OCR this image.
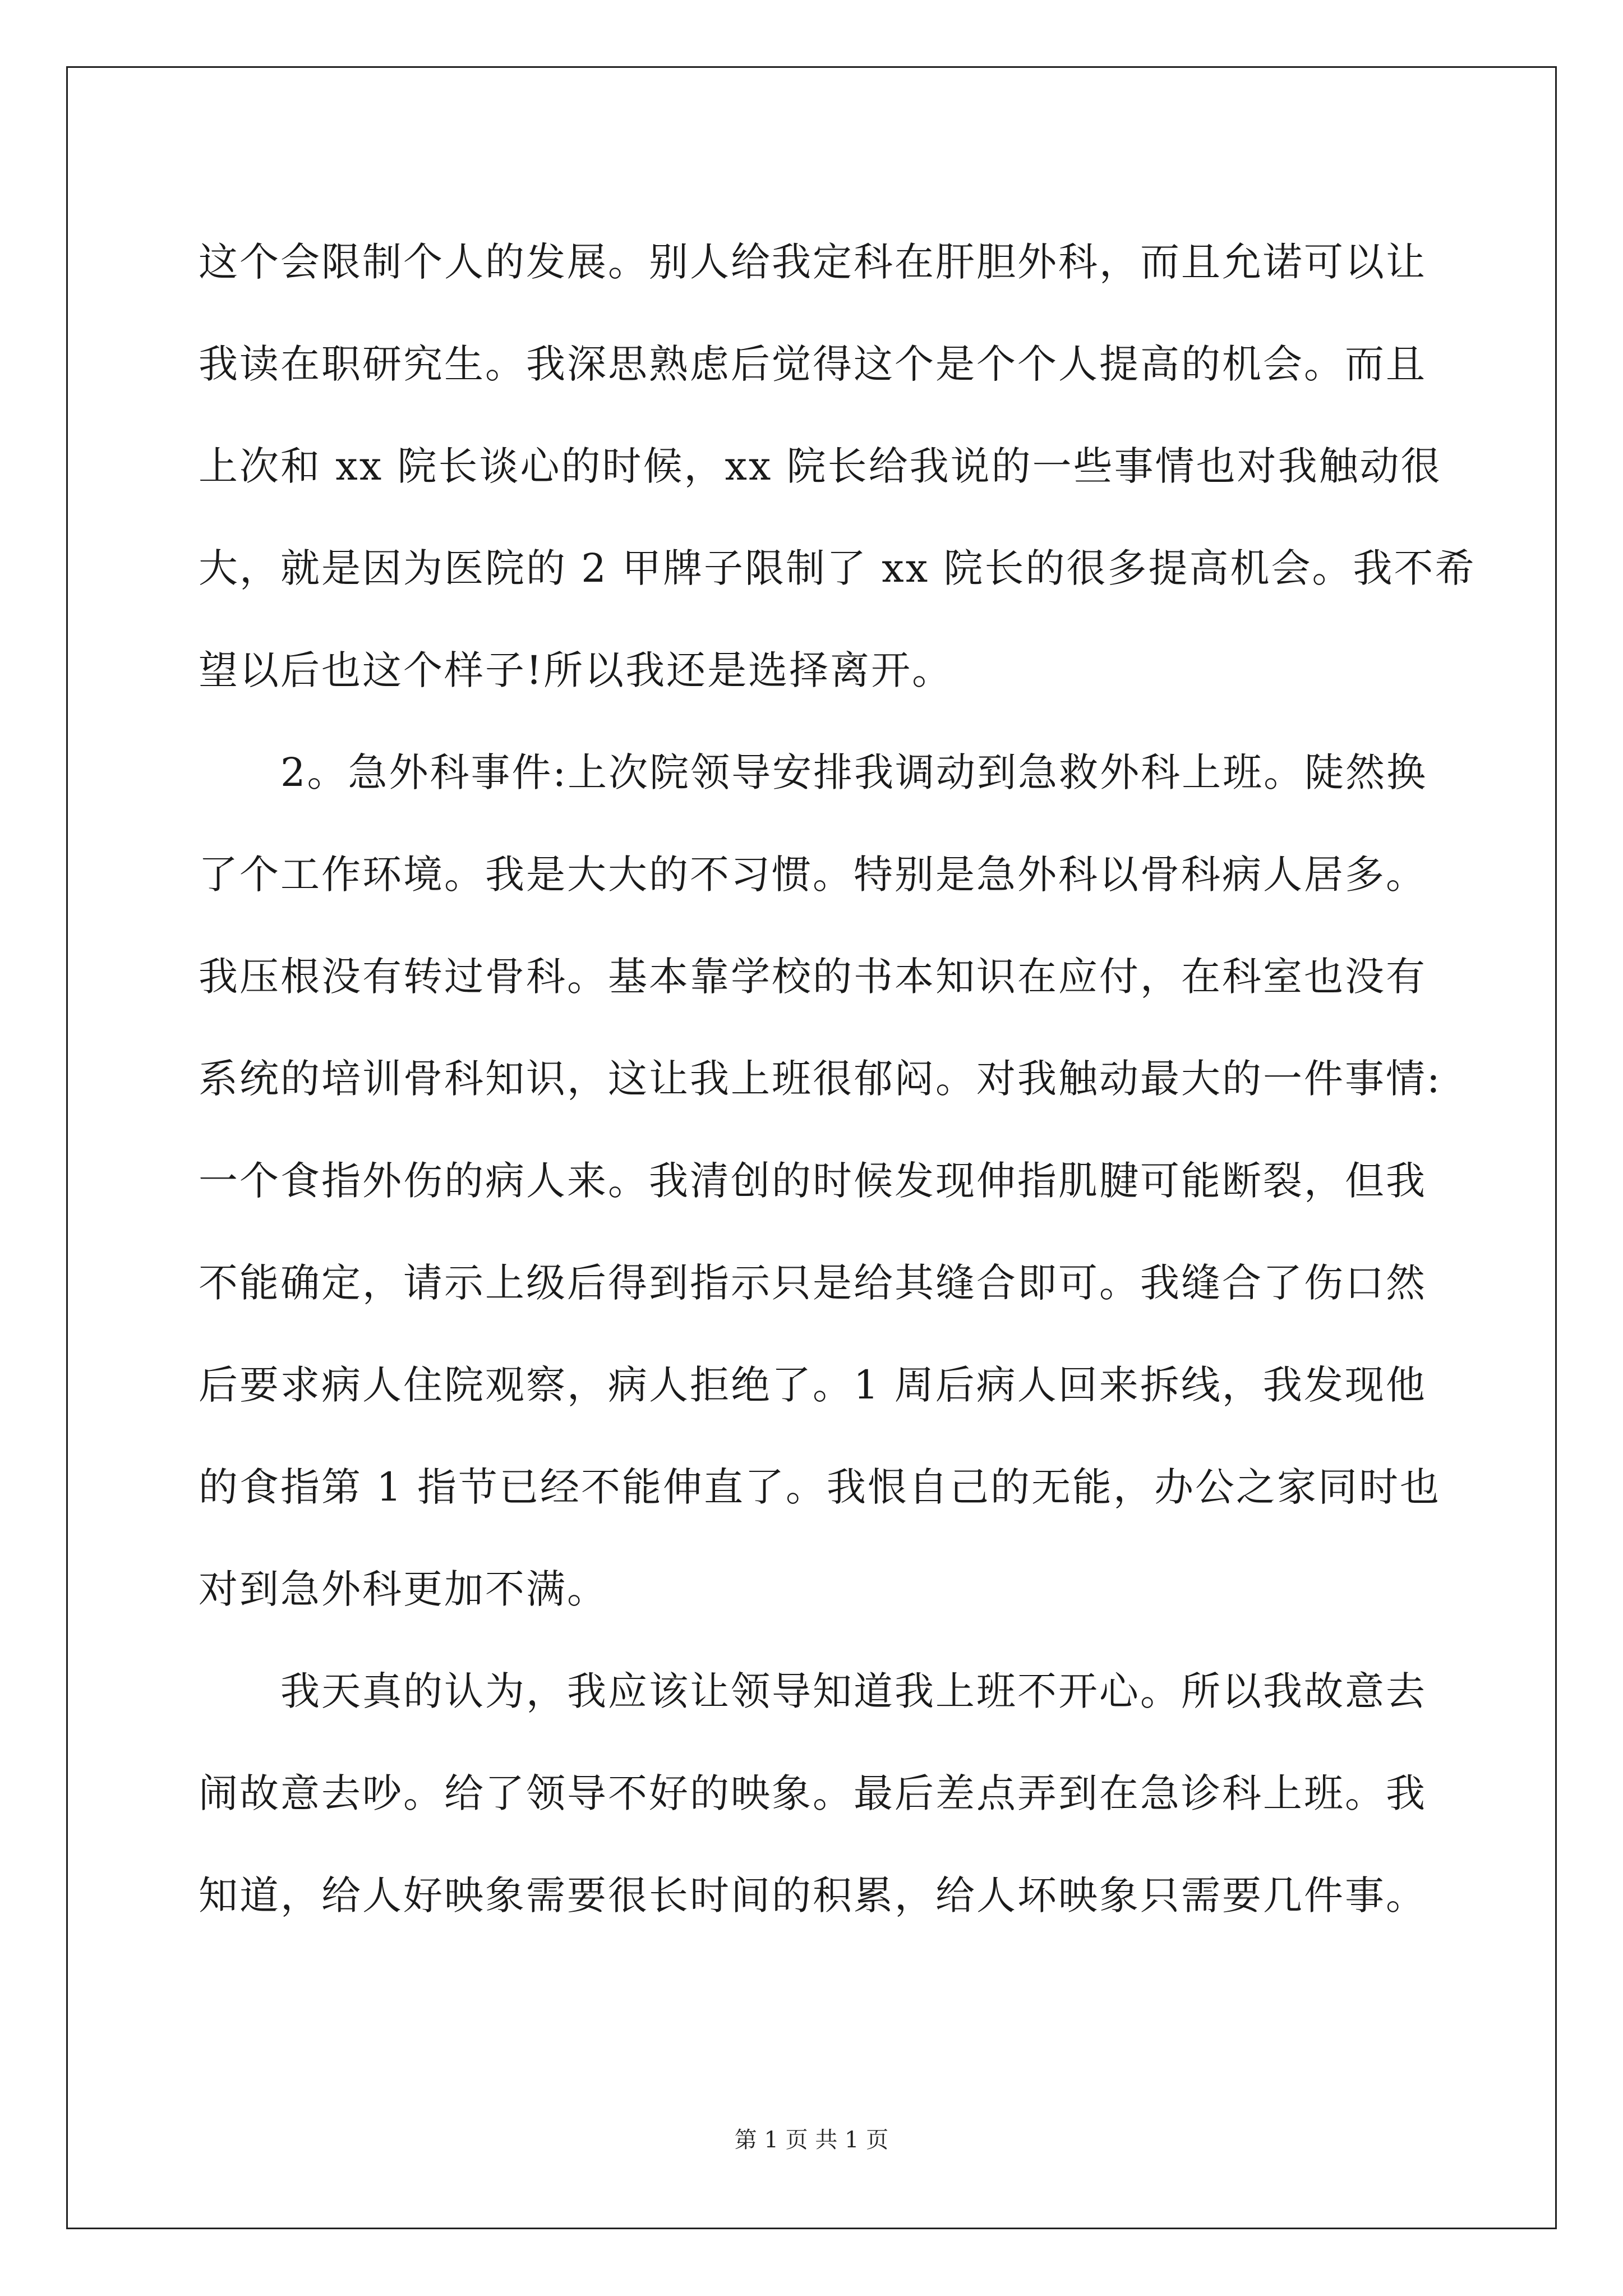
这个会限制个人的发展。别人给我定科在肝胆外科，而且允诺可以让
我读在职研究生。我深思熟虑后觉得这个是个个人提高的机会。而且
上次和 xx 院长谈心的时候，xx 院长给我说的一些事情也对我触动很
大，就是因为医院的 2 甲牌子限制了 xx 院长的很多提高机会。我不希
望以后也这个样子!所以我还是选择离开。
2。急外科事件:上次院领导安排我调动到急救外科上班。陡然换
了个工作环境。我是大大的不习惯。特别是急外科以骨科病人居多。
我压根没有转过骨科。基本靠学校的书本知识在应付，在科室也没有
系统的培训骨科知识，这让我上班很郁闷。对我触动最大的一件事情:
一个食指外伤的病人来。我清创的时候发现伸指肌腱可能断裂，但我
不能确定，请示上级后得到指示只是给其缝合即可。我缝合了伤口然
后要求病人住院观察，病人拒绝了。1 周后病人回来拆线，我发现他
的食指第 1 指节已经不能伸直了。我恨自己的无能，办公之家同时也
对到急外科更加不满。
我天真的认为，我应该让领导知道我上班不开心。所以我故意去
闹故意去吵。给了领导不好的映象。最后差点弄到在急诊科上班。我
知道，给人好映象需要很长时间的积累，给人坏映象只需要几件事。
第 1 页 共 1 页
